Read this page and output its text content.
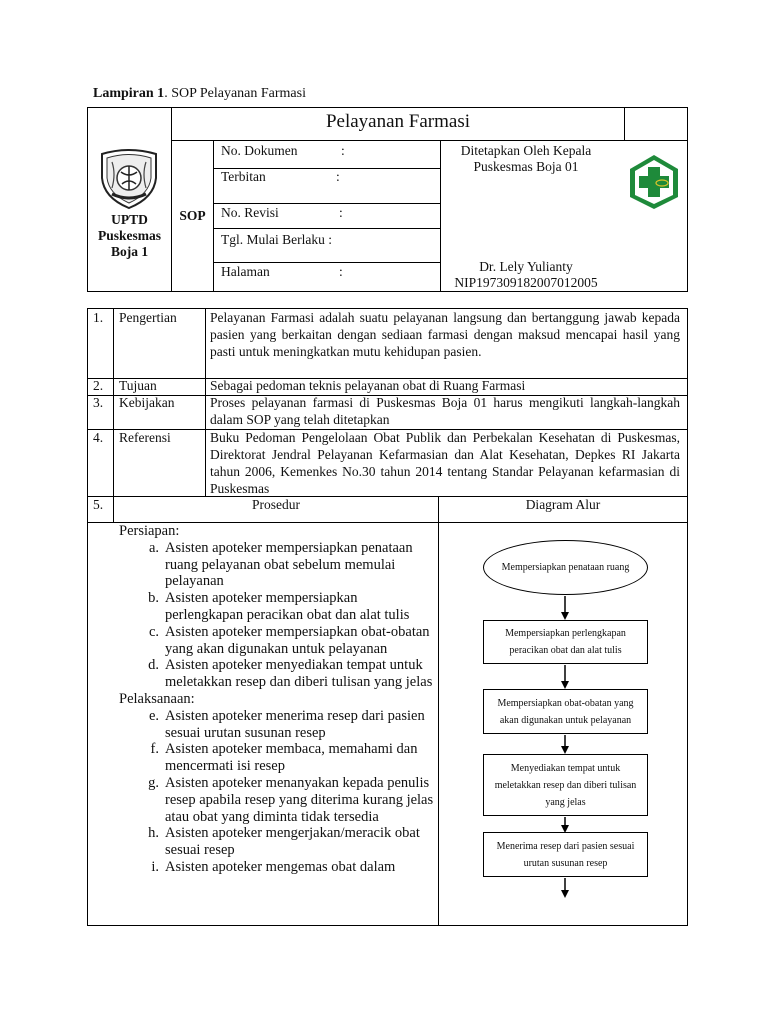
Lampiran 1. SOP Pelayanan Farmasi
UPTD
Puskesmas
Boja 1
Pelayanan Farmasi
SOP
No. Dokumen	:
Terbitan	:
No. Revisi	:
Tgl. Mulai Berlaku :
Halaman	:
Ditetapkan Oleh Kepala
Puskesmas Boja 01
Dr. Lely Yulianty
NIP197309182007012005
1. Pengertian Pelayanan Farmasi adalah suatu pelayanan langsung dan bertanggung jawab kepada pasien yang berkaitan dengan sediaan farmasi dengan maksud mencapai hasil yang pasti untuk meningkatkan mutu kehidupan pasien.
2. Tujuan	Sebagai pedoman teknis pelayanan obat di Ruang Farmasi
3. Kebijakan	Proses pelayanan farmasi di Puskesmas Boja 01 harus mengikuti langkah-langkah dalam SOP yang telah ditetapkan
4. Referensi	Buku Pedoman Pengelolaan Obat Publik dan Perbekalan Kesehatan di Puskesmas, Direktorat Jendral Pelayanan Kefarmasian dan Alat Kesehatan, Depkes RI Jakarta tahun 2006, Kemenkes No.30 tahun 2014 tentang Standar Pelayanan kefarmasian di Puskesmas
5.	Prosedur	Diagram Alur

Persiapan:

a. Asisten apoteker mempersiapkan penataan ruang pelayanan obat sebelum memulai pelayanan

b. Asisten apoteker mempersiapkan perlengkapan peracikan obat dan alat tulis

c. Asisten apoteker mempersiapkan obat-obatan yang akan digunakan untuk pelayanan

d. Asisten apoteker menyediakan tempat untuk meletakkan resep dan diberi tulisan yang jelas

Pelaksanaan:

e. Asisten apoteker menerima resep dari pasien sesuai urutan susunan resep

f. Asisten apoteker membaca, memahami dan mencermati isi resep

g. Asisten apoteker menanyakan kepada penulis resep apabila resep yang diterima kurang jelas atau obat yang diminta tidak tersedia

h. Asisten apoteker mengerjakan/meracik obat sesuai resep

i. Asisten apoteker mengemas obat dalam

Mempersiapkan penataan ruang
Mempersiapkan perlengkapan peracikan obat dan alat tulis
Mempersiapkan obat-obatan yang akan digunakan untuk pelayanan
Menyediakan tempat untuk meletakkan resep dan diberi tulisan yang jelas
Menerima resep dari pasien sesuai urutan susunan resep
